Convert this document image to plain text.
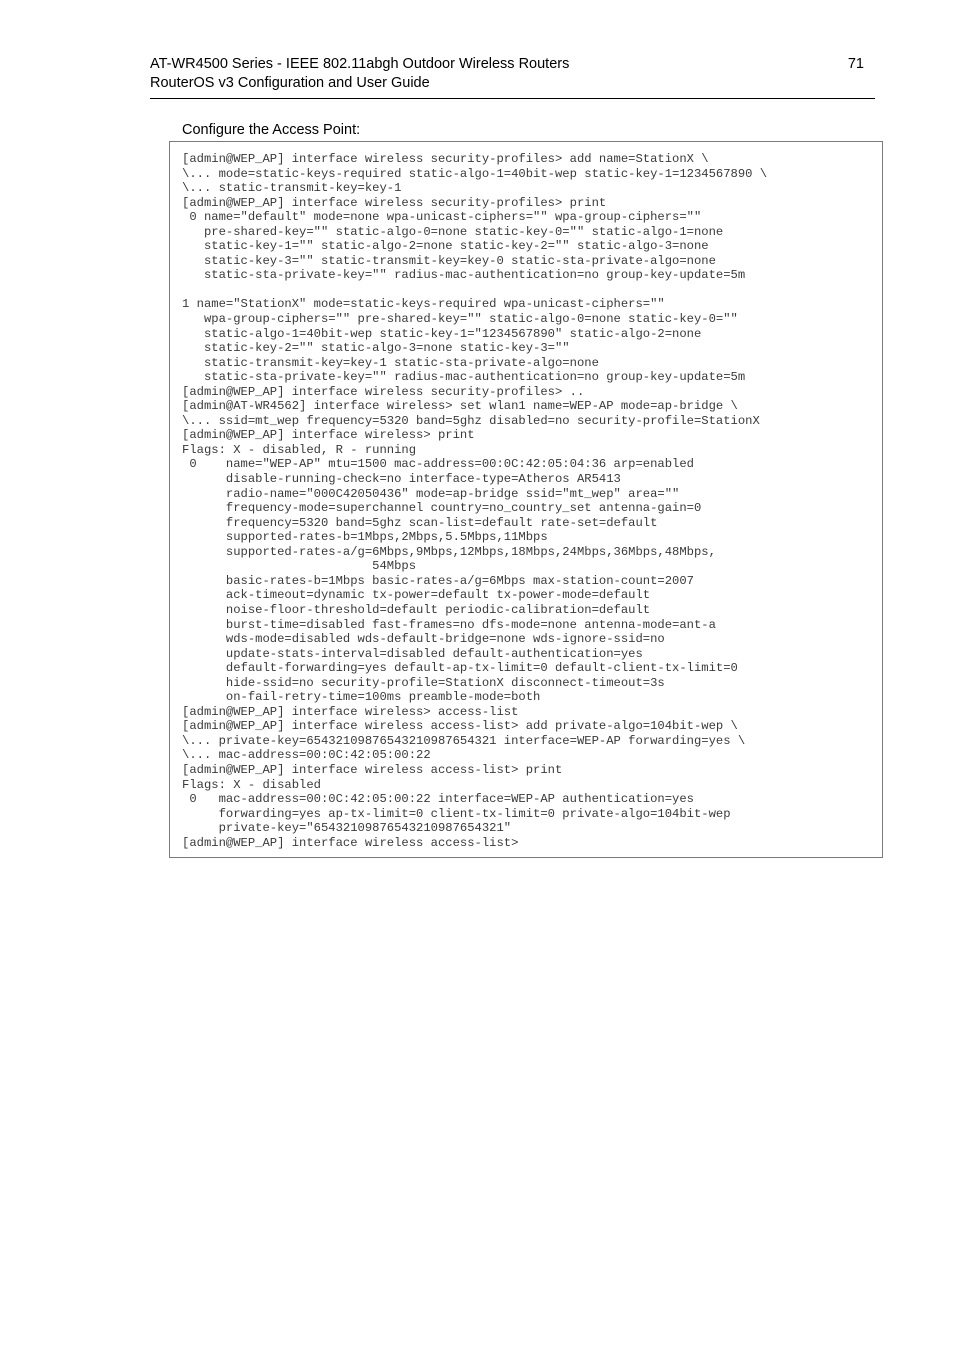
AT-WR4500 Series - IEEE 802.11abgh Outdoor Wireless Routers
RouterOS v3 Configuration and User Guide
71
Configure the Access Point:
[admin@WEP_AP] interface wireless security-profiles> add name=StationX \
\... mode=static-keys-required static-algo-1=40bit-wep static-key-1=1234567890 \
\... static-transmit-key=key-1
[admin@WEP_AP] interface wireless security-profiles> print
0 name="default" mode=none wpa-unicast-ciphers="" wpa-group-ciphers=""
pre-shared-key="" static-algo-0=none static-key-0="" static-algo-1=none
static-key-1="" static-algo-2=none static-key-2="" static-algo-3=none
static-key-3="" static-transmit-key=key-0 static-sta-private-algo=none
static-sta-private-key="" radius-mac-authentication=no group-key-update=5m

1 name="StationX" mode=static-keys-required wpa-unicast-ciphers=""
wpa-group-ciphers="" pre-shared-key="" static-algo-0=none static-key-0=""
static-algo-1=40bit-wep static-key-1="1234567890" static-algo-2=none
static-key-2="" static-algo-3=none static-key-3=""
static-transmit-key=key-1 static-sta-private-algo=none
static-sta-private-key="" radius-mac-authentication=no group-key-update=5m
[admin@WEP_AP] interface wireless security-profiles> ..
[admin@AT-WR4562] interface wireless> set wlan1 name=WEP-AP mode=ap-bridge \
\... ssid=mt_wep frequency=5320 band=5ghz disabled=no security-profile=StationX
[admin@WEP_AP] interface wireless> print
Flags: X - disabled, R - running
0    name="WEP-AP" mtu=1500 mac-address=00:0C:42:05:04:36 arp=enabled
disable-running-check=no interface-type=Atheros AR5413
radio-name="000C42050436" mode=ap-bridge ssid="mt_wep" area=""
frequency-mode=superchannel country=no_country_set antenna-gain=0
frequency=5320 band=5ghz scan-list=default rate-set=default
supported-rates-b=1Mbps,2Mbps,5.5Mbps,11Mbps
supported-rates-a/g=6Mbps,9Mbps,12Mbps,18Mbps,24Mbps,36Mbps,48Mbps,
54Mbps
basic-rates-b=1Mbps basic-rates-a/g=6Mbps max-station-count=2007
ack-timeout=dynamic tx-power=default tx-power-mode=default
noise-floor-threshold=default periodic-calibration=default
burst-time=disabled fast-frames=no dfs-mode=none antenna-mode=ant-a
wds-mode=disabled wds-default-bridge=none wds-ignore-ssid=no
update-stats-interval=disabled default-authentication=yes
default-forwarding=yes default-ap-tx-limit=0 default-client-tx-limit=0
hide-ssid=no security-profile=StationX disconnect-timeout=3s
on-fail-retry-time=100ms preamble-mode=both
[admin@WEP_AP] interface wireless> access-list
[admin@WEP_AP] interface wireless access-list> add private-algo=104bit-wep \
\... private-key=65432109876543210987654321 interface=WEP-AP forwarding=yes \
\... mac-address=00:0C:42:05:00:22
[admin@WEP_AP] interface wireless access-list> print
Flags: X - disabled
0   mac-address=00:0C:42:05:00:22 interface=WEP-AP authentication=yes
forwarding=yes ap-tx-limit=0 client-tx-limit=0 private-algo=104bit-wep
private-key="65432109876543210987654321"
[admin@WEP_AP] interface wireless access-list>
